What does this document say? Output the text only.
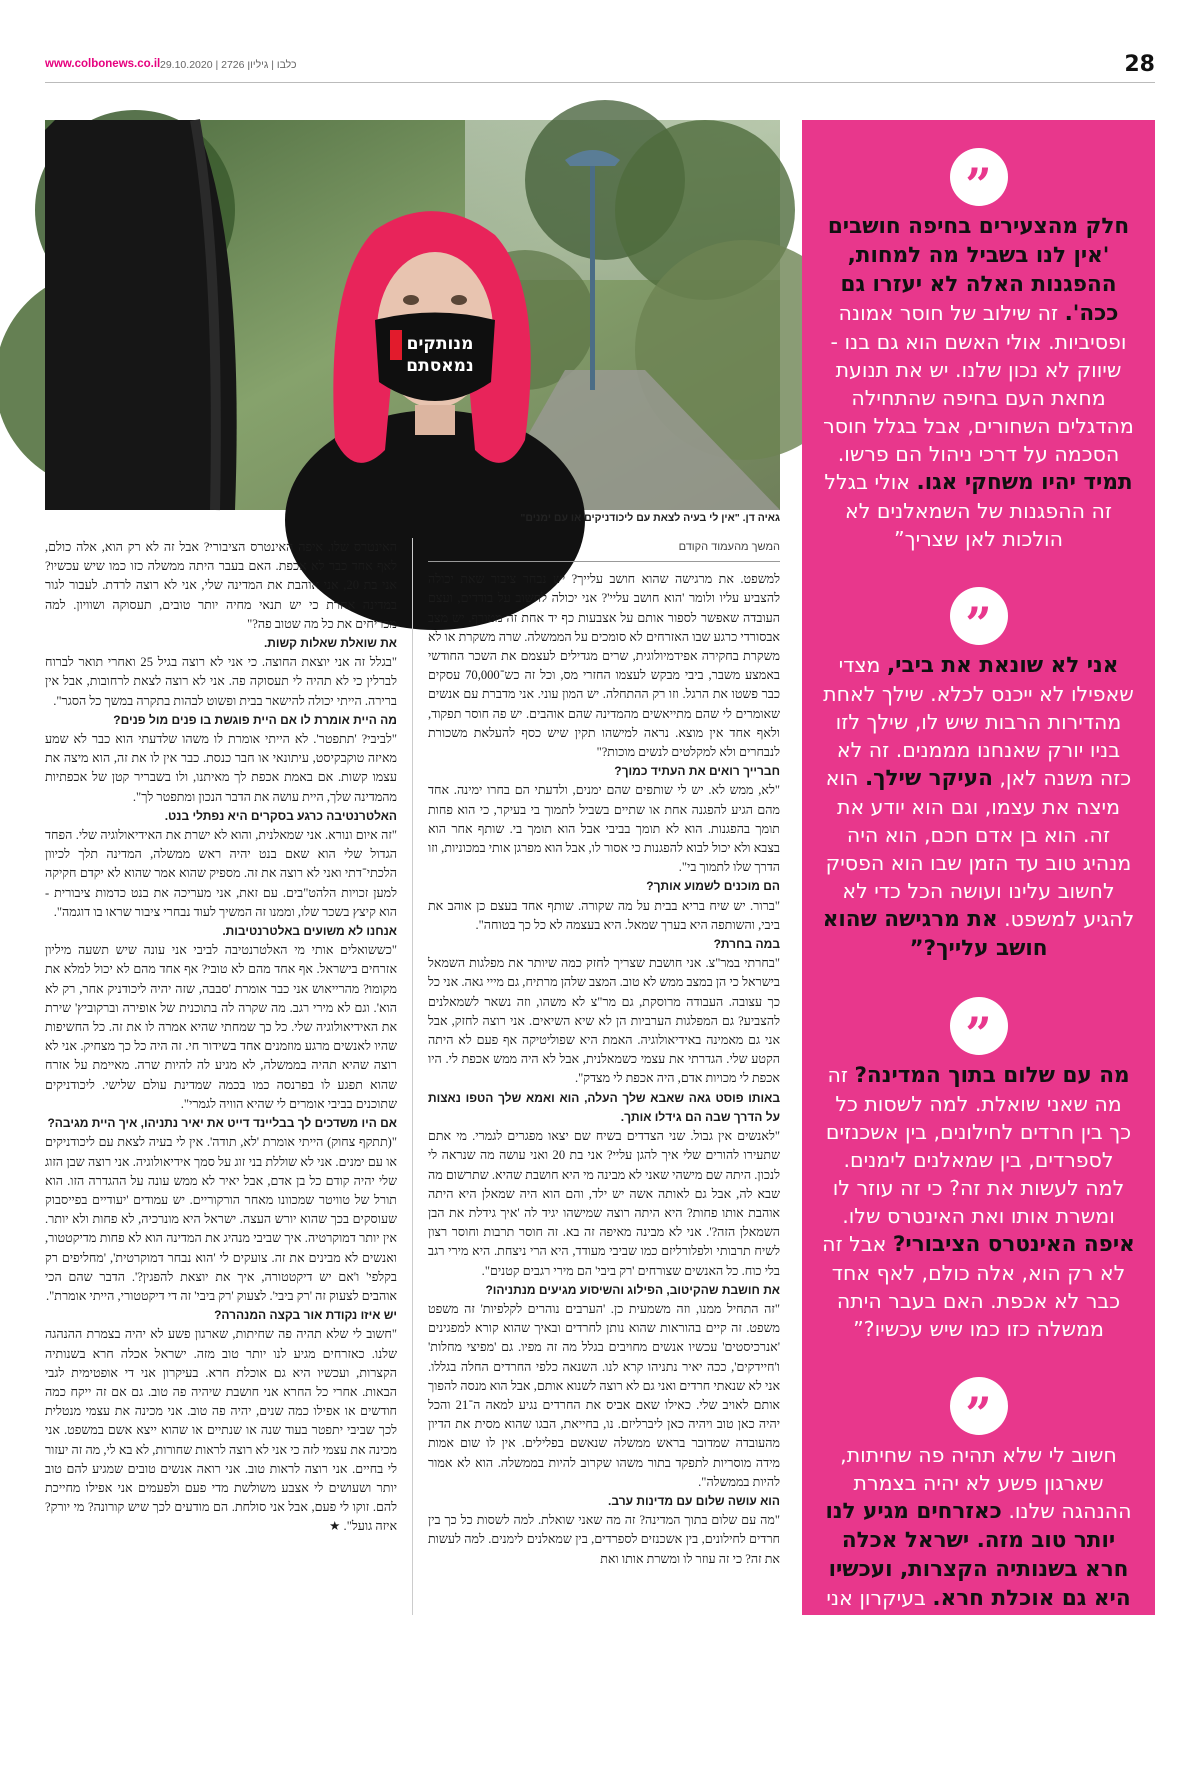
www.colbonews.co.il כלבו | גיליון 2726 | 29.10.2020	28
מנותקים
נמאסתם
גאיה דן. "אין לי בעיה לצאת עם ליכודניקים או עם ימנים"
”

חלק מהצעירים בחיפה חושבים 'אין לנו בשביל מה למחות, ההפגנות האלה לא יעזרו גם ככה'. זה שילוב של חוסר אמונה ופסיביות. אולי האשם הוא גם בנו - שיווק לא נכון שלנו. יש את תנועת מחאת העם בחיפה שהתחילה מהדגלים השחורים, אבל בגלל חוסר הסכמה על דרכי ניהול הם פרשו. תמיד יהיו משחקי אגו. אולי בגלל זה ההפגנות של השמאלנים לא הולכות לאן שצריך”

”

אני לא שונאת את ביבי, מצדי שאפילו לא ייכנס לכלא. שילך לאחת מהדירות הרבות שיש לו, שילך לזו בניו יורק שאנחנו מממנים. זה לא כזה משנה לאן, העיקר שילך. הוא מיצה את עצמו, וגם הוא יודע את זה. הוא בן אדם חכם, הוא היה מנהיג טוב עד הזמן שבו הוא הפסיק לחשוב עלינו ועושה הכל כדי לא להגיע למשפט. את מרגישה שהוא חושב עלייך?”

”

מה עם שלום בתוך המדינה? זה מה שאני שואלת. למה לשסות כל כך בין חרדים לחילונים, בין אשכנזים לספרדים, בין שמאלנים לימנים. למה לעשות את זה? כי זה עוזר לו ומשרת אותו ואת האינטרס שלו. איפה האינטרס הציבורי? אבל זה לא רק הוא, אלה כולם, לאף אחד כבר לא אכפת. האם בעבר היתה ממשלה כזו כמו שיש עכשיו?”

”

חשוב לי שלא תהיה פה שחיתות, שארגון פשע לא יהיה בצמרת ההנהגה שלנו. כאזרחים מגיע לנו יותר טוב מזה. ישראל אכלה חרא בשנותיה הקצרות, ועכשיו היא גם אוכלת חרא. בעיקרון אני די אופטימית לגבי הבאות. אחרי כל החרא אני חושבת שיהיה פה טוב. גם אם זה ייקח כמה חודשים או אפילו כמה שנים, יהיה פה טוב. אני מכינה את עצמי מנטלית לכך שביבי יתפטר מחר”

המשך מהעמוד הקודם

למשפט. את מרגישה שהוא חושב עלייך? יש נבחר ציבור שאת יכולה להצביע עליו ולומר 'הוא חושב עליי'? אני יכולה לחשוב על בודדים, ועצם העובדה שאפשר לספור אותם על אצבעות כף יד אחת זה מטורף. יש מצב אבסורדי כרגע שבו האזרחים לא סומכים על הממשלה. שרה משקרת או לא משקרת בחקירה אפידמיולוגית, שרים מגדילים לעצמם את השכר החודשי באמצע משבר, ביבי מבקש לעצמו החזרי מס, וכל זה כש־70,000 עסקים כבר פשטו את הרגל. וזו רק ההתחלה. יש המון עוני. אני מדברת עם אנשים שאומרים לי שהם מתייאשים מהמדינה שהם אוהבים. יש פה חוסר תפקוד, ולאף אחד אין מוצא. נראה למישהו תקין שיש כסף להעלאת משכורת לנבחרים ולא למקלטים לנשים מוכות?"

חברייך רואים את העתיד כמוך?

"לא, ממש לא. יש לי שותפים שהם ימנים, ולדעתי הם בחרו ימינה. אחד מהם הגיע להפגנה אחת או שתיים בשביל לתמוך בי בעיקר, כי הוא פחות תומך בהפגנות. הוא לא תומך בביבי אבל הוא תומך בי. שותף אחר הוא בצבא ולא יכול לבוא להפגנות כי אסור לו, אבל הוא מפרגן אותי במכוניות, וזו הדרך שלו לתמוך בי".

הם מוכנים לשמוע אותך?

"ברור. יש שיח בריא בבית על מה שקורה. שותף אחד בעצם כן אוהב את ביבי, והשותפה היא בערך שמאל. היא בעצמה לא כל כך בטוחה".

במה בחרת?

"בחרתי במר"צ. אני חושבת שצריך לחזק כמה שיותר את מפלגות השמאל בישראל כי הן במצב ממש לא טוב. המצב שלהן מרתיח, גם מייי גאה. אני כל כך עצובה. העבודה מרוסקת, גם מר"צ לא משהו, וזה נשאר לשמאלנים להצביע? גם המפלגות הערביות הן לא שיא השיאים. אני רוצה לחזק, אבל אני גם מאמינה באידיאולוגיה. האמת היא שפוליטיקה אף פעם לא היתה הקטע שלי. הגדרתי את עצמי כשמאלנית, אבל לא היה ממש אכפת לי. היו אכפת לי מכויות אדם, היה אכפת לי מצדק".

באותו פוסט גאה שאבא שלך העלה, הוא ואמא שלך הטפו נאצות על הדרך שבה הם גידלו אותך.

"לאנשים אין גבול. שני הצדדים בשיח שם יצאו מפגרים לגמרי. מי אתם שתעירו להורים שלי איך להגן עליי? אני בת 20 ואני עושה מה שנראה לי לנכון. היתה שם מישהי שאני לא מבינה מי היא חושבת שהיא. שתרשום מה שבא לה, אבל גם לאותה אשה יש ילד, והם הוא היה שמאלן היא היתה אוהבת אותו פחות? היא היתה רוצה שמישהו יגיד לה 'איך גידלת את הבן השמאלן הזה?'. אני לא מבינה מאיפה זה בא. זה חוסר תרבות וחוסר רצון לשיח תרבותי ולפלורליזם כמו שביבי מעודד, היא הרי ניצחת. היא מירי רגב בלי כוח. כל האנשים שצורחים 'רק ביבי' הם מירי רגבים קטנים".

את חושבת שהקיטוב, הפילוג והשיסוע מגיעים מנתניהו?

"זה התחיל ממנו, וזה משמעית כן. 'הערבים נוהרים לקלפיות' זה משפט משפט. זה קיים בהוראות שהוא נותן לחרדים ובאיך שהוא קורא למפגינים 'אנרכיסטים' עכשיו אנשים מחויבים בגלל מה זה מפיו. גם 'מפיצי מחלות' ו'חיידקים', ככה יאיר נתניהו קרא לנו. השנאה כלפי החרדים החלה בגללו. אני לא שנאתי חרדים ואני גם לא רוצה לשנוא אותם, אבל הוא מנסה להפוך אותם לאויב שלי. כאילו שאם אביס את החרדים נגיע למאה ה־21 והכל יהיה כאן טוב ויהיה כאן ליברליזם. נו, בחייאת, הבגו שהוא מסית את הדיון מהעובדה שמדובר בראש ממשלה שנאשם בפלילים. אין לו שום אמות מידה מוסריות לתפקד בתור משהו שקרוב להיות בממשלה. הוא לא אמור להיות בממשלה".

הוא עושה שלום עם מדינות ערב.

"מה עם שלום בתוך המדינה? זה מה שאני שואלת. למה לשסות כל כך בין חרדים לחילונים, בין אשכנזים לספרדים, בין שמאלנים לימנים. למה לעשות את זה? כי זה עוזר לו ומשרת אותו ואת

האינטרס שלו. איפה האינטרס הציבורי? אבל זה לא רק הוא, אלה כולם, לאף אחד כבר לא אכפת. האם בעבר היתה ממשלה כזו כמו שיש עכשיו? אני בת 20, אני אוהבת את המדינה שלי, אני לא רוצה לרדת. לעבור לגור במדינה אחרת כי יש תנאי מחיה יותר טובים, תעסוקה ושוויון. למה מכריחים את כל מה שטוב פה?"

את שואלת שאלות קשות.

"בגלל זה אני יוצאת החוצה. כי אני לא רוצה בגיל 25 ואחרי תואר לברוח לברלין כי לא תהיה לי תעסוקה פה. אני לא רוצה לצאת לרחובות, אבל אין ברירה. הייתי יכולה להישאר בבית ופשוט לבהות בתקרה במשך כל הסגר".

מה היית אומרת לו אם היית פוגשת בו פנים מול פנים?

"לביבי? 'תתפטר'. לא הייתי אומרת לו משהו שלדעתי הוא כבר לא שמע מאיזה טוקבקיסט, עיתונאי או חבר כנסת. כבר אין לו את זה, הוא מיצה את עצמו קשות. אם באמת אכפת לך מאיתנו, ולו בשבריר קטן של אכפתיות מהמדינה שלך, היית עושה את הדבר הנכון ומתפטר לך".

האלטרנטיבה כרגע בסקרים היא נפתלי בנט.

"זה איום ונורא. אני שמאלנית, והוא לא ישרת את האידיאולוגיה שלי. הפחד הגדול שלי הוא שאם בנט יהיה ראש ממשלה, המדינה תלך לכיוון הלכתי־דתי ואני לא רוצה את זה. מספיק שהוא אמר שהוא לא יקדם חקיקה למען זכויות הלהט"בים. עם זאת, אני מעריכה את בנט כדמות ציבורית - הוא קיצץ בשכר שלו, וממנו זה המשיך לעוד נבחרי ציבור שראו בו דוגמה".

אנחנו לא משועים באלטרנטיבות.

"כששואלים אותי מי האלטרנטיבה לביבי אני עונה שיש תשעה מיליון אזרחים בישראל. אף אחד מהם לא טובי? אף אחד מהם לא יכול למלא את מקומו? מהרייאוש אני כבר אומרת 'סבבה, שזה יהיה ליכודניק אחר, רק לא הוא'. וגם לא מירי רגב. מה שקרה לה בתוכנית של אופירה וברקוביץ' שירת את האידיאולוגיה שלי. כל כך שמחתי שהיא אמרה לו את זה. כל החשיפות שהיו לאנשים מרגע מוזמנים אחד בשידור חי. זה היה כל כך מצחיק. אני לא רוצה שהיא תהיה בממשלה, לא מגיע לה להיות שרה. מאיימת על אזרח שהוא תפגע לו בפרנסה כמו בכמה שמדינת עולם שלישי. ליכודניקים שתוכנים בביבי אומרים לי שהיא הוויה לגמרי".

אם היו משדכים לך בבליינד דייט את יאיר נתניהו, איך היית מגיבה?

"(תתקף צחוק) הייתי אומרת 'לא, תודה'. אין לי בעיה לצאת עם ליכודניקים או עם ימנים. אני לא שוללת בני זוג על סמך אידיאולוגיה. אני רוצה שבן הזוג שלי יהיה קודם כל בן אדם, אבל יאיר לא ממש עונה על ההגדרה הזו. הוא תורל של טוויטר שמכוונו מאחר הורקוריים. יש עמודים 'יעודיים בפייסבוק שעוסקים בכך שהוא יורש העצה. ישראל היא מונרכיה, לא פחות ולא יותר. אין יותר דמוקרטיה. איך שביבי מנהיג את המדינה הוא לא פחות מדיקטטור, ואנשים לא מבינים את זה. צועקים לי 'הוא נבחר דמוקרטית', 'מחליפים רק בקלפי' ו'אם יש דיקטטורה, איך את יוצאת להפגין?'. הדבר שהם הכי אוהבים לצעוק זה 'רק ביבי'. לצעוק 'רק ביבי' זה די דיקטטורי, הייתי אומרת".

יש איזו נקודת אור בקצה המנהרה?

"חשוב לי שלא תהיה פה שחיתות, שארגון פשע לא יהיה בצמרת ההנהגה שלנו. כאזרחים מגיע לנו יותר טוב מזה. ישראל אכלה חרא בשנותיה הקצרות, ועכשיו היא גם אוכלת חרא. בעיקרון אני די אופטימית לגבי הבאות. אחרי כל החרא אני חושבת שיהיה פה טוב. גם אם זה ייקח כמה חודשים או אפילו כמה שנים, יהיה פה טוב. אני מכינה את עצמי מנטלית לכך שביבי יתפטר בעוד שנה או שנתיים או שהוא ייצא אשם במשפט. אני מכינה את עצמי לזה כי אני לא רוצה לראות שחורות, לא בא לי, מה זה יעזור לי בחיים. אני רוצה לראות טוב. אני רואה אנשים טובים שמגיע להם טוב יותר ושעושים לי אצבע משולשת מדי פעם ולפעמים אני אפילו מחייכת להם. זוקו לי פעם, אבל אני סולחת. הם מודעים לכך שיש קורונה? מי יורק? איזה גועל". ★
